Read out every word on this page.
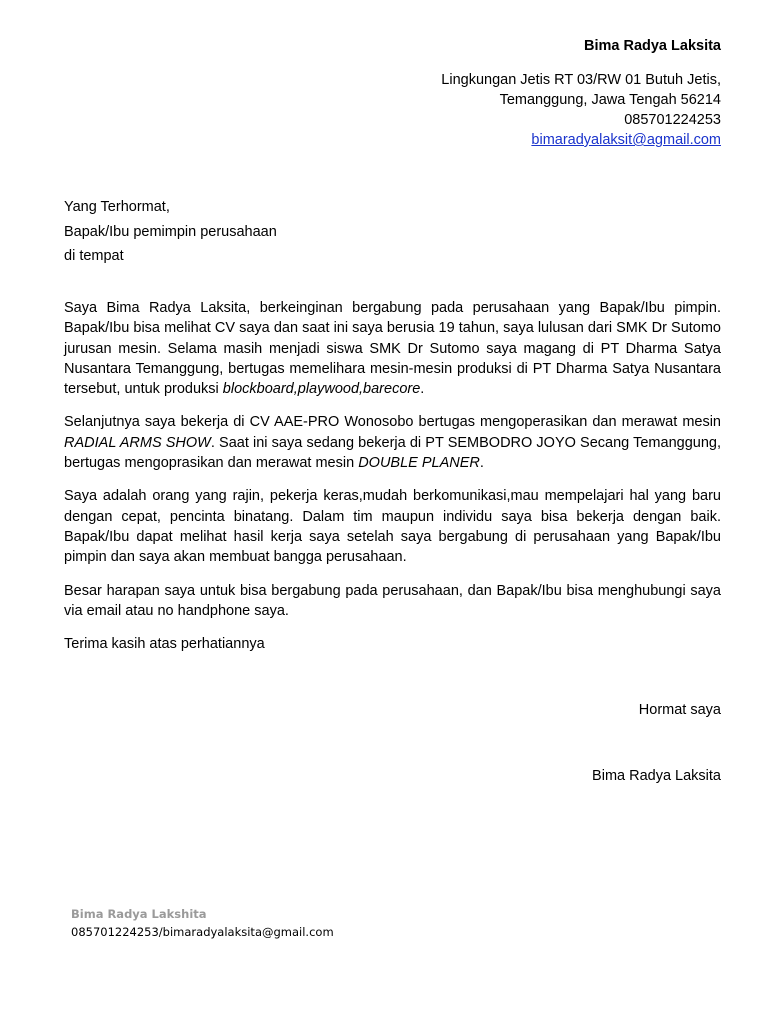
Bima Radya Laksita
Lingkungan Jetis RT 03/RW 01 Butuh Jetis,
Temanggung, Jawa Tengah 56214
085701224253
bimaradyalaksit@agmail.com
Yang Terhormat,
Bapak/Ibu pemimpin perusahaan
di tempat

Saya Bima Radya Laksita, berkeinginan bergabung pada perusahaan yang Bapak/Ibu pimpin. Bapak/Ibu bisa melihat CV saya dan saat ini saya berusia 19 tahun, saya lulusan dari SMK Dr Sutomo jurusan mesin. Selama masih menjadi siswa SMK Dr Sutomo saya magang di PT Dharma Satya Nusantara Temanggung, bertugas memelihara mesin-mesin produksi di PT Dharma Satya Nusantara tersebut, untuk produksi blockboard,playwood,barecore.

Selanjutnya saya bekerja di CV AAE-PRO Wonosobo bertugas mengoperasikan dan merawat mesin RADIAL ARMS SHOW. Saat ini saya sedang bekerja di PT SEMBODRO JOYO Secang Temanggung, bertugas mengoprasikan dan merawat mesin DOUBLE PLANER.

Saya adalah orang yang rajin, pekerja keras,mudah berkomunikasi,mau mempelajari hal yang baru dengan cepat, pencinta binatang. Dalam tim maupun individu saya bisa bekerja dengan baik. Bapak/Ibu dapat melihat hasil kerja saya setelah saya bergabung di perusahaan yang Bapak/Ibu pimpin dan saya akan membuat bangga perusahaan.

Besar harapan saya untuk bisa bergabung pada perusahaan, dan Bapak/Ibu bisa menghubungi saya via email atau no handphone saya.

Terima kasih atas perhatiannya

Hormat saya
Bima Radya Laksita
Bima Radya Lakshita
085701224253/bimaradyalaksita@gmail.com
